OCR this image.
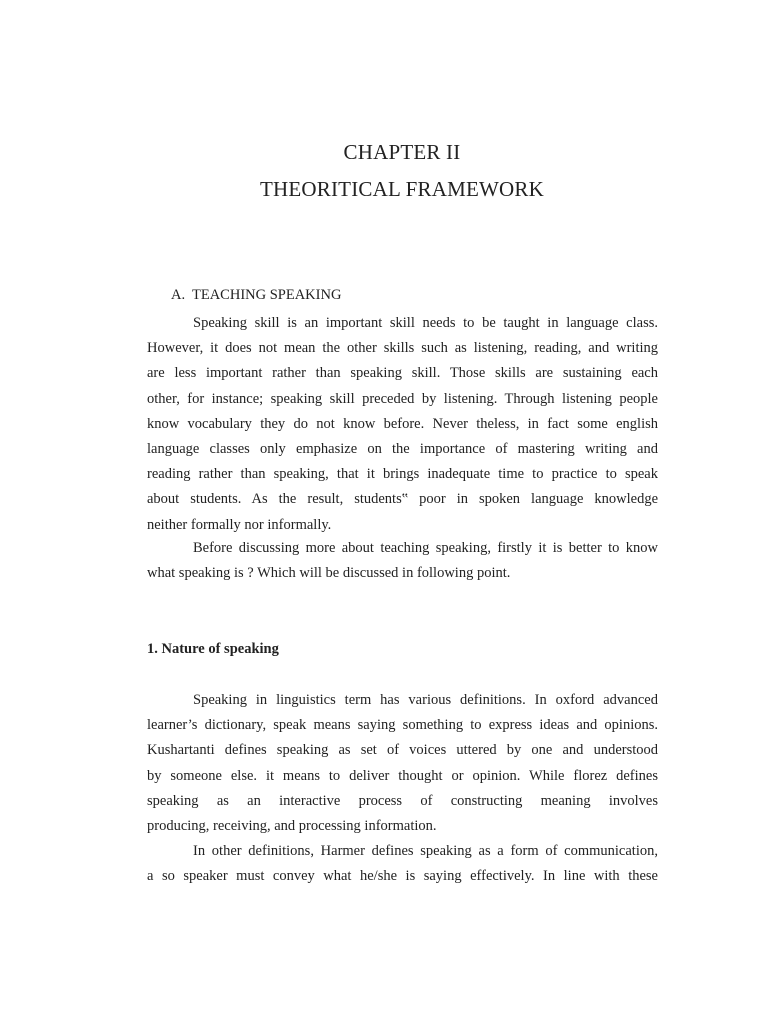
CHAPTER II
THEORITICAL FRAMEWORK
A. TEACHING SPEAKING
Speaking skill is an important skill needs to be taught in language class.
However, it does not mean the other skills such as listening, reading, and writing
are less important rather than speaking skill. Those skills are sustaining each
other, for instance; speaking skill preceded by listening. Through listening people
know vocabulary they do not know before. Never theless, in fact some english
language classes only emphasize on the importance of mastering writing and
reading rather than speaking, that it brings inadequate time to practice to speak
about students. As the result, students‟ poor in spoken language knowledge
neither formally nor informally.
Before discussing more about teaching speaking, firstly it is better to know
what speaking is ? Which will be discussed in following point.
1. Nature of speaking
Speaking in linguistics term has various definitions. In oxford advanced
learner’s dictionary, speak means saying something to express ideas and opinions.
Kushartanti defines speaking as set of voices uttered by one and understood
by someone else. it means to deliver thought or opinion. While florez defines
speaking as an interactive process of constructing meaning involves
producing, receiving, and processing information.
In other definitions, Harmer defines speaking as a form of communication,
a so speaker must convey what he/she is saying effectively. In line with these
